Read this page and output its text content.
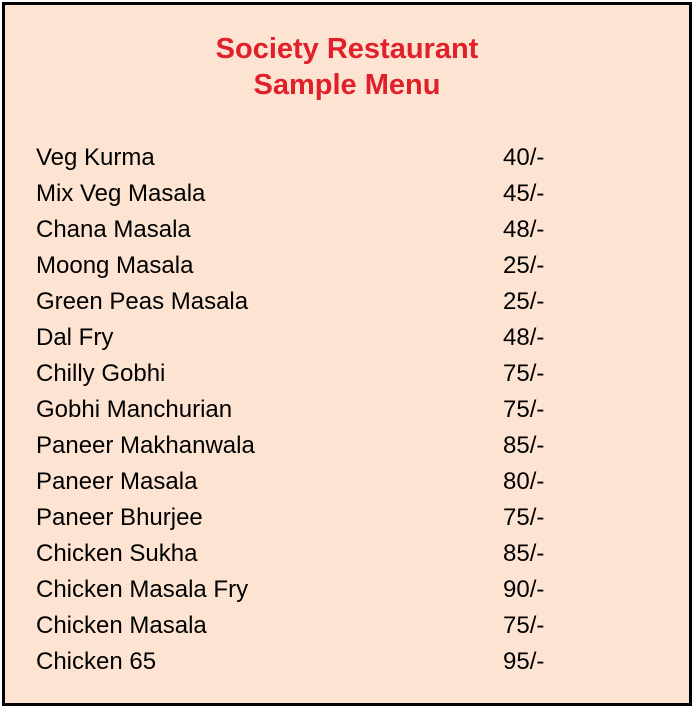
Society Restaurant
Sample Menu
Veg Kurma	40/-
Mix Veg Masala	45/-
Chana Masala	48/-
Moong Masala	25/-
Green Peas Masala	25/-
Dal Fry	48/-
Chilly Gobhi	75/-
Gobhi Manchurian	75/-
Paneer Makhanwala	85/-
Paneer Masala	80/-
Paneer Bhurjee	75/-
Chicken Sukha	85/-
Chicken Masala Fry	90/-
Chicken Masala	75/-
Chicken 65	95/-
